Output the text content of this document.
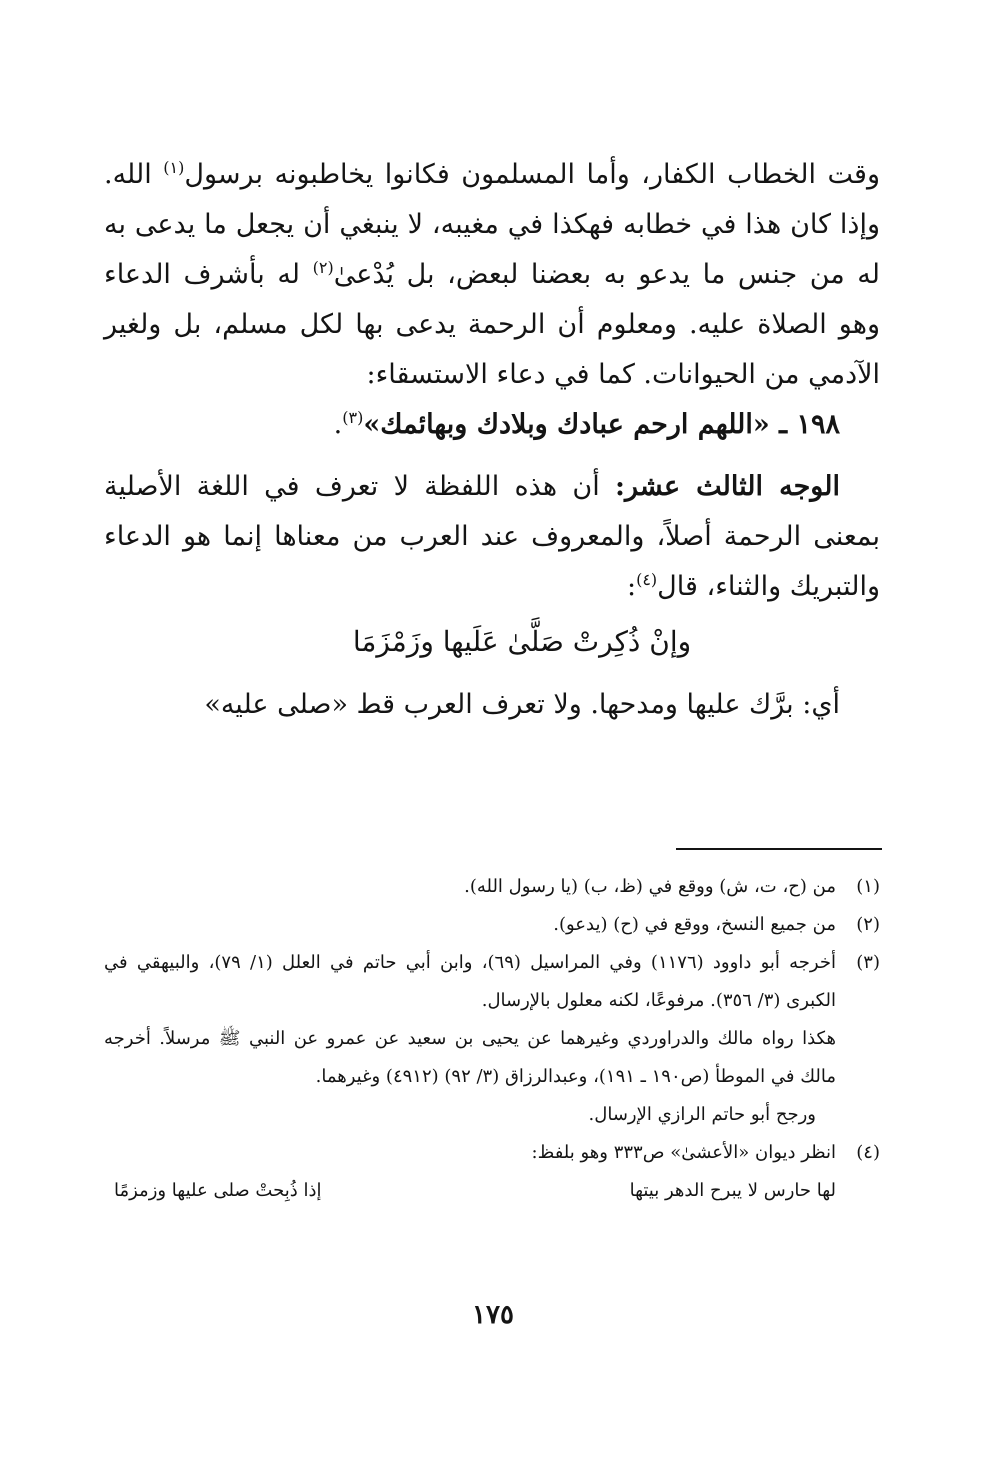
وقت الخطاب الكفار، وأما المسلمون فكانوا يخاطبونه برسول$^{(١)}$ الله. وإذا كان هذا في خطابه فهكذا في مغيبه، لا ينبغي أن يجعل ما يدعى به له من جنس ما يدعو به بعضنا لبعض، بل يُدْعىٰ$^{(٢)}$ له بأشرف الدعاء وهو الصلاة عليه. ومعلوم أن الرحمة يدعى بها لكل مسلم، بل ولغير الآدمي من الحيوانات. كما في دعاء الاستسقاء:

١٩٨ ـ «اللهم ارحم عبادك وبلادك وبهائمك»$^{(٣)}$.

الوجه الثالث عشر: أن هذه اللفظة لا تعرف في اللغة الأصلية بمعنى الرحمة أصلاً، والمعروف عند العرب من معناها إنما هو الدعاء والتبريك والثناء، قال$^{(٤)}$:

وإنْ ذُكِرتْ صَلَّىٰ عَلَيها وزَمْزَمَا

أي: برَّك عليها ومدحها. ولا تعرف العرب قط «صلى عليه»

(١)
من (ح، ت، ش) ووقع في (ظ، ب) (يا رسول الله).
(٢)
من جميع النسخ، ووقع في (ح) (يدعو).
(٣)
أخرجه أبو داوود (١١٧٦) وفي المراسيل (٦٩)، وابن أبي حاتم في العلل (١/ ٧٩)، والبيهقي في الكبرى (٣/ ٣٥٦). مرفوعًا، لكنه معلول بالإرسال.
هكذا رواه مالك والدراوردي وغيرهما عن يحيى بن سعيد عن عمرو عن النبي ﷺ مرسلاً. أخرجه مالك في الموطأ (ص١٩٠ ـ ١٩١)، وعبدالرزاق (٣/ ٩٢) (٤٩١٢) وغيرهما.
ورجح أبو حاتم الرازي الإرسال.
(٤)
انظر ديوان «الأعشىٰ» ص٣٣٣ وهو بلفظ:
لها حارس لا يبرح الدهر بيتها
إذا ذُبِحتْ صلى عليها وزمزمًا
١٧٥
